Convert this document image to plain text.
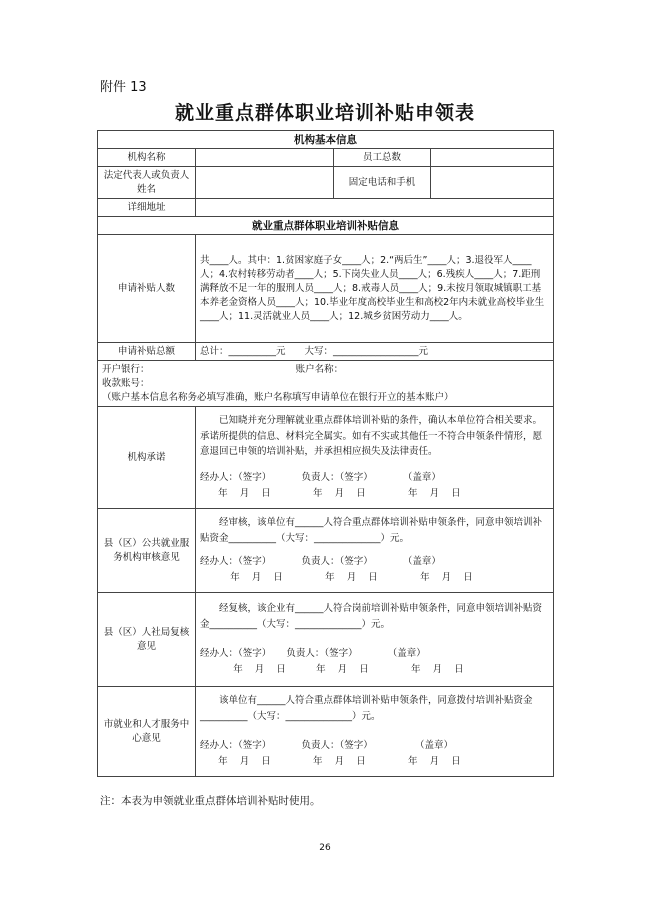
附件 13
就业重点群体职业培训补贴申领表
机构基本信息			
机构名称		员工总数	
法定代表人或负责人姓名		固定电话和手机	
详细地址			
就业重点群体职业培训补贴信息			
申请补贴人数	共____人。其中：1.贫困家庭子女____人；2.“两后生”____人；3.退役军人____人；4.农村转移劳动者____人；5.下岗失业人员____人；6.残疾人____人；7.距刑满释放不足一年的服刑人员____人；8.戒毒人员____人；9.未按月领取城镇职工基本养老金资格人员____人；10.毕业年度高校毕业生和高校2年内未就业高校毕业生____人；11.灵活就业人员____人；12.城乡贫困劳动力____人。		
申请补贴总额	总计：__________元　　大写：__________________元		

开户银行： 账户名称：
收款账号：
（账户基本信息名称务必填写准确，账户名称填写申请单位在银行开立的基本账户）			

机构承诺	已知晓并充分理解就业重点群体培训补贴的条件，确认本单位符合相关要求。承诺所提供的信息、材料完全属实。如有不实或其他任一不符合申领条件情形，愿意退回已申领的培训补贴，并承担相应损失及法律责任。
经办人：（签字）          负责人：（签字）          （盖章）
年    月    日              年    月    日              年    月    日		

县（区）公共就业服务机构审核意见	经审核，该单位有______人符合重点群体培训补贴申领条件，同意申领培训补贴资金__________（大写：______________）元。
经办人：（签字）          负责人：（签字）          （盖章）
年    月    日              年    月    日              年    月    日		

县（区）人社局复核意见	经复核，该企业有______人符合岗前培训补贴申领条件，同意申领培训补贴资金__________（大写：______________）元。
经办人：（签字）     负责人：（签字）          （盖章）
年    月    日          年    月    日              年    月    日		

市就业和人才服务中心意见	该单位有______人符合重点群体培训补贴申领条件，同意拨付培训补贴资金__________（大写：______________）元。
经办人：（签字）          负责人：（签字）              （盖章）
年    月    日              年    月    日              年    月    日		
注：本表为申领就业重点群体培训补贴时使用。
26
